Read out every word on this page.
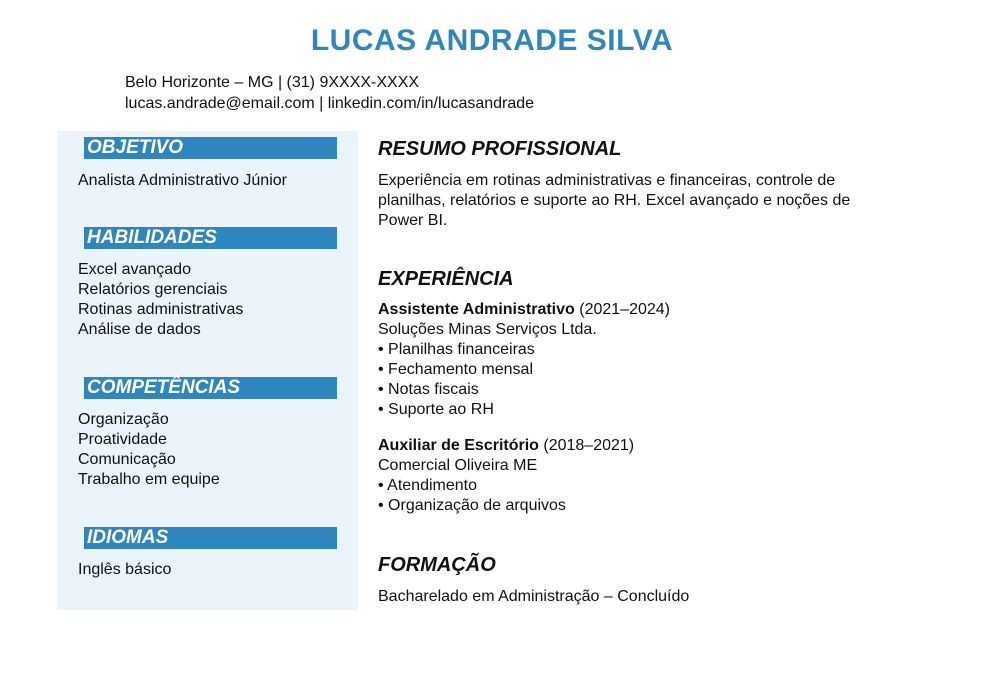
LUCAS ANDRADE SILVA
Belo Horizonte – MG | (31) 9XXXX-XXXX
lucas.andrade@email.com | linkedin.com/in/lucasandrade
OBJETIVO
Analista Administrativo Júnior
HABILIDADES
Excel avançado
Relatórios gerenciais
Rotinas administrativas
Análise de dados
COMPETÊNCIAS
Organização
Proatividade
Comunicação
Trabalho em equipe
IDIOMAS
Inglês básico
RESUMO PROFISSIONAL
Experiência em rotinas administrativas e financeiras, controle de
planilhas, relatórios e suporte ao RH. Excel avançado e noções de
Power BI.
EXPERIÊNCIA
Assistente Administrativo (2021–2024)
Soluções Minas Serviços Ltda.
• Planilhas financeiras
• Fechamento mensal
• Notas fiscais
• Suporte ao RH
Auxiliar de Escritório (2018–2021)
Comercial Oliveira ME
• Atendimento
• Organização de arquivos
FORMAÇÃO
Bacharelado em Administração – Concluído
